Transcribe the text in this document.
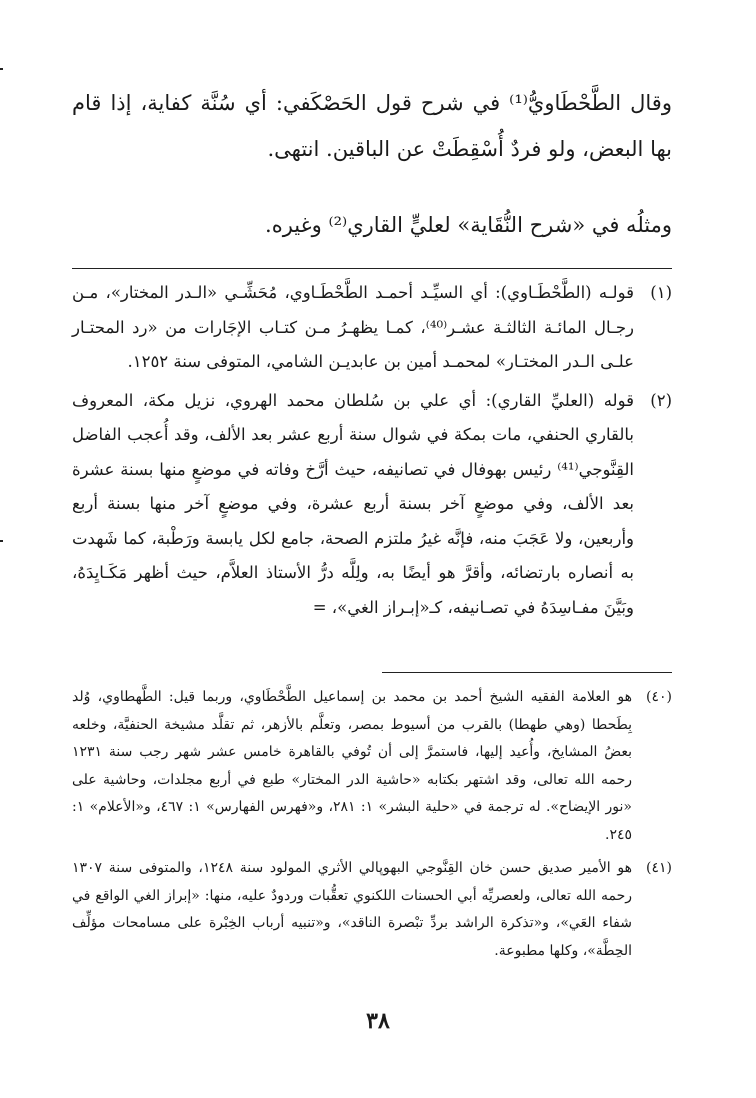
وقال الطَّحْطَاويُّ⁽¹⁾ في شرح قول الحَصْكَفي: أي سُنَّة كفاية، إذا قام بها البعض، ولو فردٌ أُسْقِطَتْ عن الباقين. انتهى.

ومثلُه في «شرح النُّقَاية» لعليٍّ القاري⁽²⁾ وغيره.

(١)
قولـه (الطَّحْطَـاوي): أي السيِّـد أحمـد الطَّحْطَـاوي، مُحَشِّـي «الـدر المختار»، مـن رجـال المائـة الثالثـة عشـر⁽⁴⁰⁾، كمـا يظهـرُ مـن كتـاب الإجَارات من «رد المحتـار علـى الـدر المختـار» لمحمـد أمين بن عابديـن الشامي، المتوفى سنة ١٢٥٢.
(٢)
قوله (العليِّ القاري): أي علي بن سُلطان محمد الهروي، نزيل مكة، المعروف بالقاري الحنفي، مات بمكة في شوال سنة أربع عشر بعد الألف، وقد أُعجب الفاضل القِنَّوجي⁽⁴¹⁾ رئيس بهوفال في تصانيفه، حيث أرَّخ وفاته في موضعٍ منها بسنة عشرة بعد الألف، وفي موضعٍ آخر بسنة أربع عشرة، وفي موضعٍ آخر منها بسنة أربع وأربعين، ولا عَجَبَ منه، فإنَّه غيرُ ملتزم الصحة، جامع لكل يابسة ورَطْبة، كما شَهدت به أنصاره بارتضائه، وأقرَّ هو أيضًا به، ولِلَّه درُّ الأستاذ العلاَّم، حيث أظهر مَكَـايِدَهُ، وبَيَّنَ مفـاسِدَهُ في تصـانيفه، كـ«إبـراز الغي»، =
(٤٠)
هو العلامة الفقيه الشيخ أحمد بن محمد بن إسماعيل الطَّحْطَاوي، وربما قيل: الطَّهطاوي، وُلد بِطَحطا (وهي طهطا) بالقرب من أسيوط بمصر، وتعلَّم بالأزهر، ثم تقلَّد مشيخة الحنفيَّة، وخلعه بعضُ المشايخ، وأُعيد إليها، فاستمرَّ إلى أن تُوفي بالقاهرة خامس عشر شهر رجب سنة ١٢٣١ رحمه الله تعالى، وقد اشتهر بكتابه «حاشية الدر المختار» طبع في أربع مجلدات، وحاشية على «نور الإيضاح». له ترجمة في «حلية البشر» ١: ٢٨١، و«فهرس الفهارس» ١: ٤٦٧، و«الأعلام» ١: ٢٤٥.
(٤١)
هو الأمير صديق حسن خان القِنَّوجي البهوپالي الأثري المولود سنة ١٢٤٨، والمتوفى سنة ١٣٠٧ رحمه الله تعالى، ولعصريِّه أبي الحسنات اللكنوي تعقُّبات وردودٌ عليه، منها: «إبراز الغي الواقع في شفاء العَي»، و«تذكرة الراشد بردِّ تبْصرة الناقد»، و«تنبيه أرباب الخِبْرة على مسامحات مؤلِّف الحِطَّة»، وكلها مطبوعة.
٣٨
